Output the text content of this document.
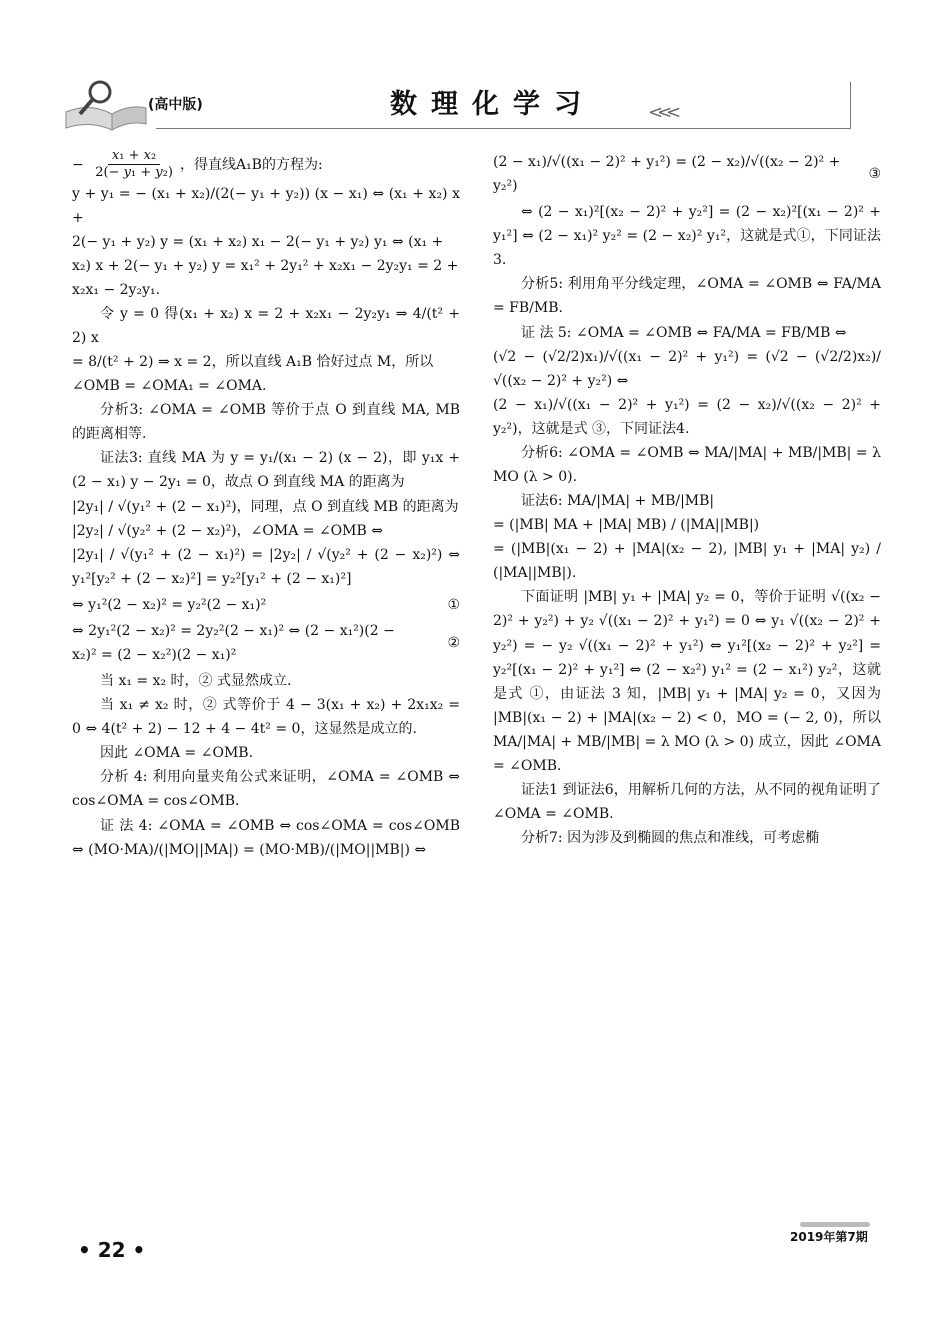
(高中版)	数理化学习	<<<

− $\frac{\text{x₁ + x₂}}{\text{2(− y₁ + y₂)}}$ ，得直线A₁B的方程为:

y + y₁ = − (x₁ + x₂)/(2(− y₁ + y₂)) (x − x₁) ⇔ (x₁ + x₂) x +

2(− y₁ + y₂) y = (x₁ + x₂) x₁ − 2(− y₁ + y₂) y₁ ⇔ (x₁ +

x₂) x + 2(− y₁ + y₂) y = x₁² + 2y₁² + x₂x₁ − 2y₂y₁ = 2 +

x₂x₁ − 2y₂y₁.

令 y = 0 得(x₁ + x₂) x = 2 + x₂x₁ − 2y₂y₁ ⇒ 4/(t² + 2) x

= 8/(t² + 2) ⇒ x = 2，所以直线 A₁B 恰好过点 M，所以

∠OMB = ∠OMA₁ = ∠OMA.

分析3: ∠OMA = ∠OMB 等价于点 O 到直线 MA, MB 的距离相等.

证法3: 直线 MA 为 y = y₁/(x₁ − 2) (x − 2)，即 y₁x + (2 − x₁) y − 2y₁ = 0，故点 O 到直线 MA 的距离为

|2y₁| / √(y₁² + (2 − x₁)²)，同理，点 O 到直线 MB 的距离为

|2y₂| / √(y₂² + (2 − x₂)²)，∠OMA = ∠OMB ⇔

|2y₁| / √(y₁² + (2 − x₁)²) = |2y₂| / √(y₂² + (2 − x₂)²) ⇔ y₁²[y₂² + (2 − x₂)²] = y₂²[y₁² + (2 − x₁)²]

⇔ y₁²(2 − x₂)² = y₂²(2 − x₁)²	①
⇔ 2y₁²(2 − x₂)² = 2y₂²(2 − x₁)² ⇔ (2 − x₁²)(2 − x₂)² = (2 − x₂²)(2 − x₁)²
②

当 x₁ = x₂ 时，② 式显然成立.

当 x₁ ≠ x₂ 时，② 式等价于 4 − 3(x₁ + x₂) + 2x₁x₂ = 0 ⇔ 4(t² + 2) − 12 + 4 − 4t² = 0，这显然是成立的.

因此 ∠OMA = ∠OMB.

分析 4: 利用向量夹角公式来证明，∠OMA = ∠OMB ⇔ cos∠OMA = cos∠OMB.

证 法 4: ∠OMA = ∠OMB ⇔ cos∠OMA = cos∠OMB ⇔ (MO·MA)/(|MO||MA|) = (MO·MB)/(|MO||MB|) ⇔

(2 − x₁)/√((x₁ − 2)² + y₁²) = (2 − x₂)/√((x₂ − 2)² + y₂²)
③

⇔ (2 − x₁)²[(x₂ − 2)² + y₂²] = (2 − x₂)²[(x₁ − 2)² + y₁²] ⇔ (2 − x₁)² y₂² = (2 − x₂)² y₁²，这就是式①，下同证法3.

分析5: 利用角平分线定理，∠OMA = ∠OMB ⇔ FA/MA = FB/MB.

证 法 5: ∠OMA = ∠OMB ⇔ FA/MA = FB/MB ⇔

(√2 − (√2/2)x₁)/√((x₁ − 2)² + y₁²) = (√2 − (√2/2)x₂)/√((x₂ − 2)² + y₂²) ⇔

(2 − x₁)/√((x₁ − 2)² + y₁²) = (2 − x₂)/√((x₂ − 2)² + y₂²)，这就是式 ③，下同证法4.

分析6: ∠OMA = ∠OMB ⇔ MA/|MA| + MB/|MB| = λ MO (λ > 0).

证法6: MA/|MA| + MB/|MB|

= (|MB| MA + |MA| MB) / (|MA||MB|)

= (|MB|(x₁ − 2) + |MA|(x₂ − 2), |MB| y₁ + |MA| y₂) / (|MA||MB|).

下面证明 |MB| y₁ + |MA| y₂ = 0，等价于证明 √((x₂ − 2)² + y₂²) + y₂ √((x₁ − 2)² + y₁²) = 0 ⇔ y₁ √((x₂ − 2)² + y₂²) = − y₂ √((x₁ − 2)² + y₁²) ⇔ y₁²[(x₂ − 2)² + y₂²] = y₂²[(x₁ − 2)² + y₁²] ⇔ (2 − x₂²) y₁² = (2 − x₁²) y₂²，这就是式 ①，由证法 3 知，|MB| y₁ + |MA| y₂ = 0，又因为 |MB|(x₁ − 2) + |MA|(x₂ − 2) < 0，MO = (− 2, 0)，所以 MA/|MA| + MB/|MB| = λ MO (λ > 0) 成立，因此 ∠OMA = ∠OMB.

证法1 到证法6，用解析几何的方法，从不同的视角证明了 ∠OMA = ∠OMB.

分析7: 因为涉及到椭圆的焦点和准线，可考虑椭

• 22 •
2019年第7期
